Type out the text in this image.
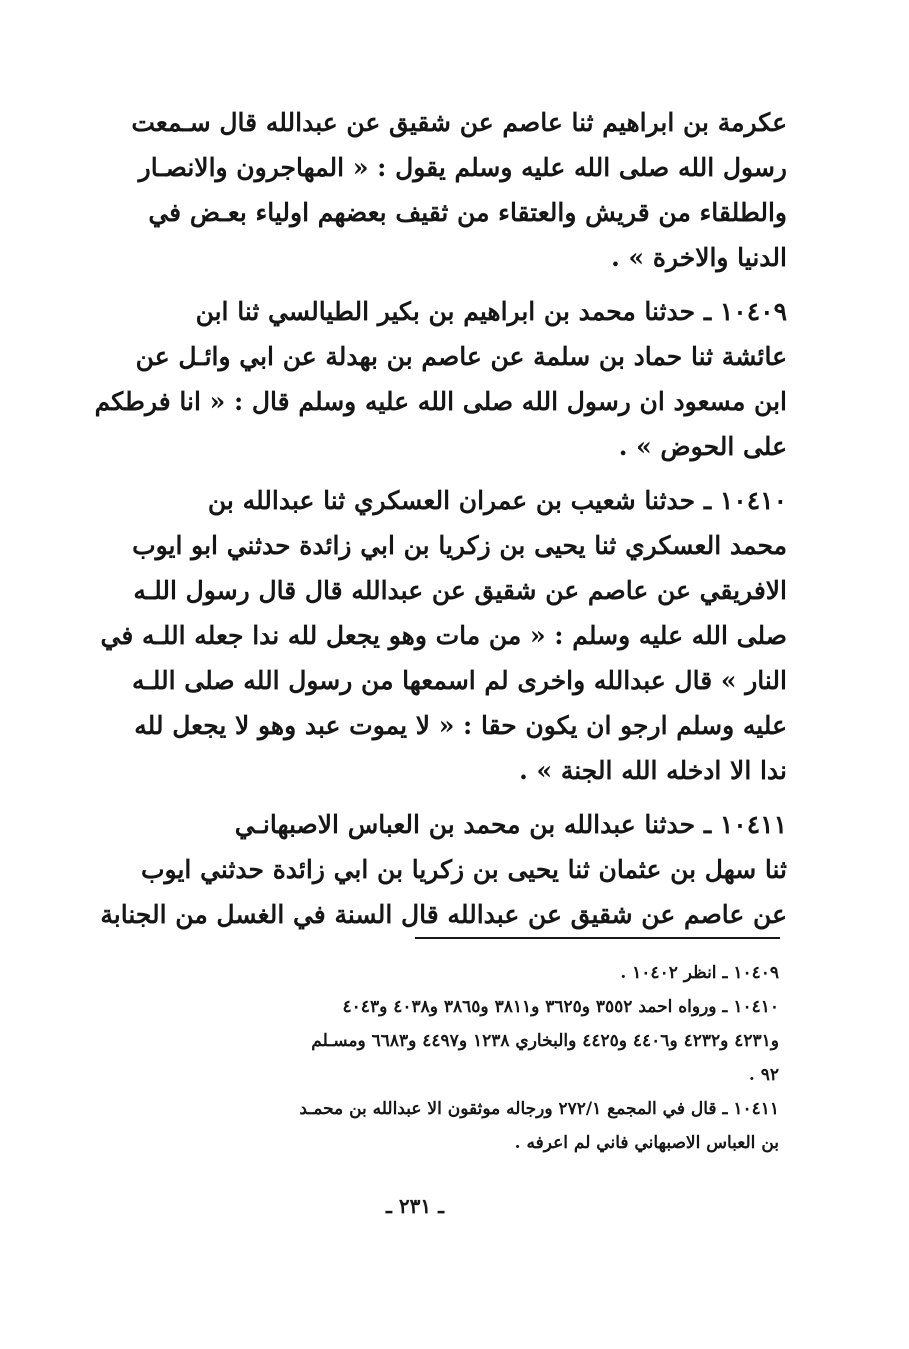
عكرمة بن ابراهيم ثنا عاصم عن شقيق عن عبدالله قال سـمعت
رسول الله صلى الله عليه وسلم يقول : « المهاجرون والانصـار
والطلقاء من قريش والعتقاء من ثقيف بعضهم اولياء بعـض في
الدنيا والاخرة » .
١٠٤٠٩ ـ حدثنا محمد بن ابراهيم بن بكير الطيالسي ثنا ابن
عائشة ثنا حماد بن سلمة عن عاصم بن بهدلة عن ابي وائـل عن
ابن مسعود ان رسول الله صلى الله عليه وسلم قال : « انا فرطكم
على الحوض » .
١٠٤١٠ ـ حدثنا شعيب بن عمران العسكري ثنا عبدالله بن
محمد العسكري ثنا يحيى بن زكريا بن ابي زائدة حدثني ابو ايوب
الافريقي عن عاصم عن شقيق عن عبدالله قال قال رسول اللـه
صلى الله عليه وسلم : « من مات وهو يجعل لله ندا جعله اللـه في
النار » قال عبدالله واخرى لم اسمعها من رسول الله صلى اللـه
عليه وسلم ارجو ان يكون حقا : « لا يموت عبد وهو لا يجعل لله
ندا الا ادخله الله الجنة » .
١٠٤١١ ـ حدثنا عبدالله بن محمد بن العباس الاصبهانـي
ثنا سهل بن عثمان ثنا يحيى بن زكريا بن ابي زائدة حدثني ايوب
عن عاصم عن شقيق عن عبدالله قال السنة في الغسل من الجنابة
١٠٤٠٩ ـ انظر ١٠٤٠٢ .
١٠٤١٠ ـ ورواه احمد ٣٥٥٢ و٣٦٢٥ و٣٨١١ و٣٨٦٥ و٤٠٣٨ و٤٠٤٣
و٤٢٣١ و٤٢٣٢ و٤٤٠٦ و٤٤٢٥ والبخاري ١٢٣٨ و٤٤٩٧ و٦٦٨٣ ومسـلم
٩٢ .
١٠٤١١ ـ قال في المجمع ٢٧٢/١ ورجاله موثقون الا عبدالله بن محمـد
بن العباس الاصبهاني فاني لم اعرفه .
ـ ٢٣١ ـ
